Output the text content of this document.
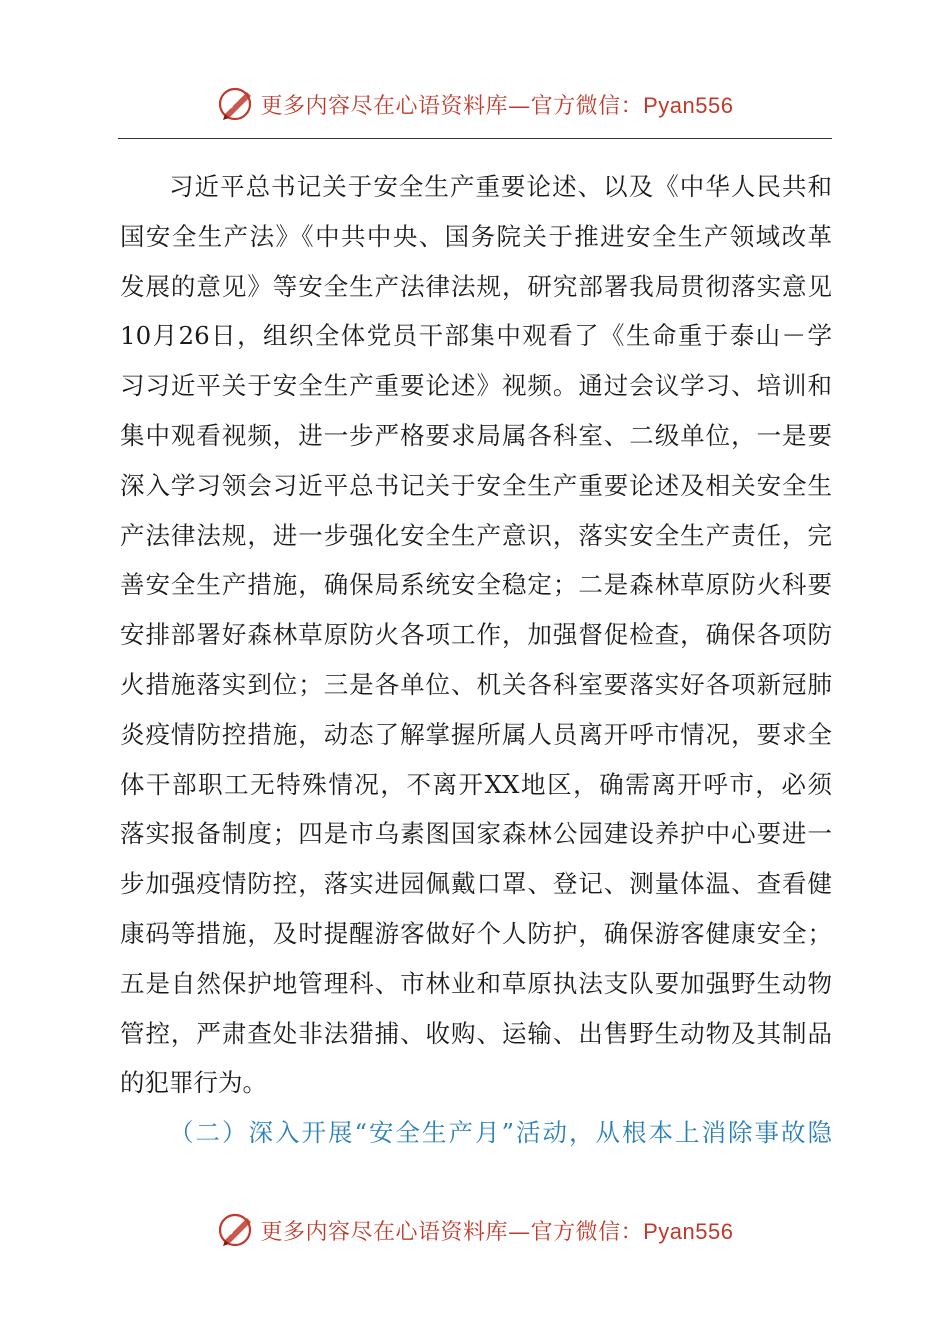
更多内容尽在心语资料库—官方微信：Pyan556
习近平总书记关于安全生产重要论述、以及《中华人民共和
国安全生产法》《中共中央、国务院关于推进安全生产领域改革
发展的意见》等安全生产法律法规，研究部署我局贯彻落实意见
10月26日，组织全体党员干部集中观看了《生命重于泰山－学
习习近平关于安全生产重要论述》视频。通过会议学习、培训和
集中观看视频，进一步严格要求局属各科室、二级单位，一是要
深入学习领会习近平总书记关于安全生产重要论述及相关安全生
产法律法规，进一步强化安全生产意识，落实安全生产责任，完
善安全生产措施，确保局系统安全稳定；二是森林草原防火科要
安排部署好森林草原防火各项工作，加强督促检查，确保各项防
火措施落实到位；三是各单位、机关各科室要落实好各项新冠肺
炎疫情防控措施，动态了解掌握所属人员离开呼市情况，要求全
体干部职工无特殊情况，不离开XX地区，确需离开呼市，必须
落实报备制度；四是市乌素图国家森林公园建设养护中心要进一
步加强疫情防控，落实进园佩戴口罩、登记、测量体温、查看健
康码等措施，及时提醒游客做好个人防护，确保游客健康安全；
五是自然保护地管理科、市林业和草原执法支队要加强野生动物
管控，严肃查处非法猎捕、收购、运输、出售野生动物及其制品
的犯罪行为。
（二）深入开展“安全生产月”活动，从根本上消除事故隐
更多内容尽在心语资料库—官方微信：Pyan556
